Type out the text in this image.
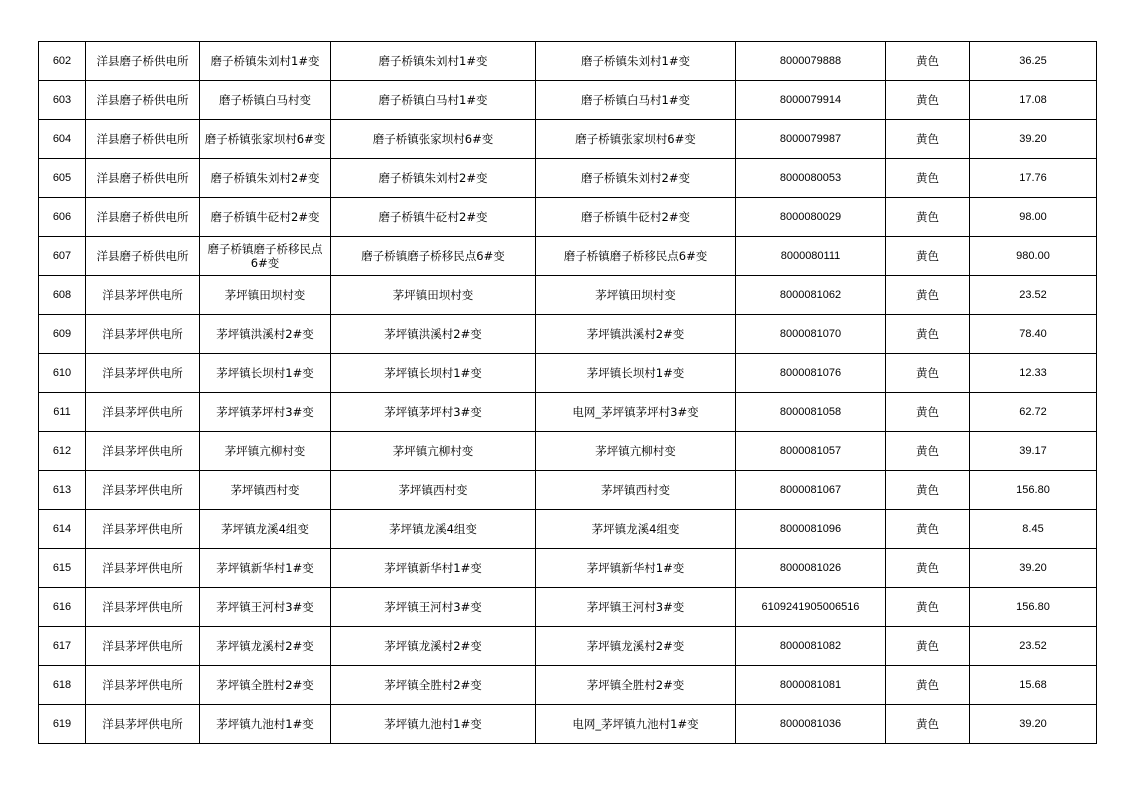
602	洋县磨子桥供电所	磨子桥镇朱刘村1#变	磨子桥镇朱刘村1#变	磨子桥镇朱刘村1#变	8000079888	黄色	36.25
603	洋县磨子桥供电所	磨子桥镇白马村变	磨子桥镇白马村1#变	磨子桥镇白马村1#变	8000079914	黄色	17.08
604	洋县磨子桥供电所	磨子桥镇张家坝村6#变	磨子桥镇张家坝村6#变	磨子桥镇张家坝村6#变	8000079987	黄色	39.20
605	洋县磨子桥供电所	磨子桥镇朱刘村2#变	磨子桥镇朱刘村2#变	磨子桥镇朱刘村2#变	8000080053	黄色	17.76
606	洋县磨子桥供电所	磨子桥镇牛砭村2#变	磨子桥镇牛砭村2#变	磨子桥镇牛砭村2#变	8000080029	黄色	98.00
607	洋县磨子桥供电所	磨子桥镇磨子桥移民点6#变	磨子桥镇磨子桥移民点6#变	磨子桥镇磨子桥移民点6#变	8000080111	黄色	980.00
608	洋县茅坪供电所	茅坪镇田坝村变	茅坪镇田坝村变	茅坪镇田坝村变	8000081062	黄色	23.52
609	洋县茅坪供电所	茅坪镇洪溪村2#变	茅坪镇洪溪村2#变	茅坪镇洪溪村2#变	8000081070	黄色	78.40
610	洋县茅坪供电所	茅坪镇长坝村1#变	茅坪镇长坝村1#变	茅坪镇长坝村1#变	8000081076	黄色	12.33
611	洋县茅坪供电所	茅坪镇茅坪村3#变	茅坪镇茅坪村3#变	电网_茅坪镇茅坪村3#变	8000081058	黄色	62.72
612	洋县茅坪供电所	茅坪镇亢柳村变	茅坪镇亢柳村变	茅坪镇亢柳村变	8000081057	黄色	39.17
613	洋县茅坪供电所	茅坪镇西村变	茅坪镇西村变	茅坪镇西村变	8000081067	黄色	156.80
614	洋县茅坪供电所	茅坪镇龙溪4组变	茅坪镇龙溪4组变	茅坪镇龙溪4组变	8000081096	黄色	8.45
615	洋县茅坪供电所	茅坪镇新华村1#变	茅坪镇新华村1#变	茅坪镇新华村1#变	8000081026	黄色	39.20
616	洋县茅坪供电所	茅坪镇王河村3#变	茅坪镇王河村3#变	茅坪镇王河村3#变	6109241905006516	黄色	156.80
617	洋县茅坪供电所	茅坪镇龙溪村2#变	茅坪镇龙溪村2#变	茅坪镇龙溪村2#变	8000081082	黄色	23.52
618	洋县茅坪供电所	茅坪镇全胜村2#变	茅坪镇全胜村2#变	茅坪镇全胜村2#变	8000081081	黄色	15.68
619	洋县茅坪供电所	茅坪镇九池村1#变	茅坪镇九池村1#变	电网_茅坪镇九池村1#变	8000081036	黄色	39.20
